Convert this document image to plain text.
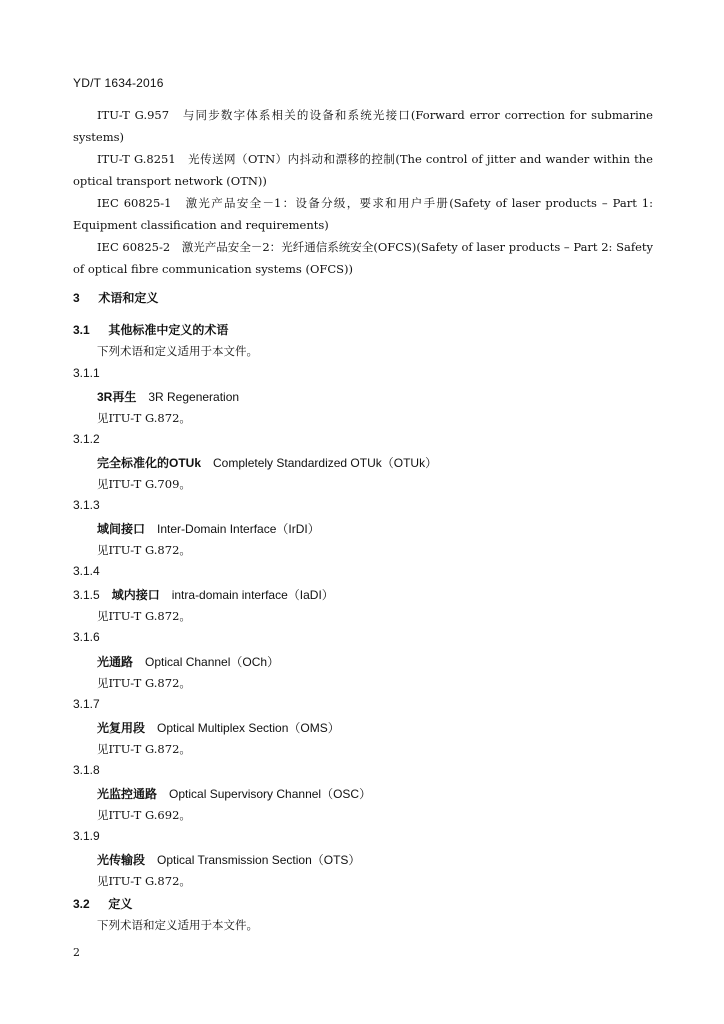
YD/T 1634-2016

ITU-T G.957　与同步数字体系相关的设备和系统光接口(Forward error correction for submarine systems)

ITU-T G.8251　光传送网（OTN）内抖动和漂移的控制(The control of jitter and wander within the optical transport network (OTN))

IEC 60825-1　激光产品安全－1：设备分级，要求和用户手册(Safety of laser products – Part 1: Equipment classification and requirements)

IEC 60825-2　激光产品安全－2：光纤通信系统安全(OFCS)(Safety of laser products – Part 2: Safety of optical fibre communication systems (OFCS))

3 术语和定义
3.1 其他标准中定义的术语
下列术语和定义适用于本文件。
3.1.1
3R再生 3R Regeneration
见ITU-T G.872。
3.1.2
完全标准化的OTUk Completely Standardized OTUk（OTUk）
见ITU-T G.709。
3.1.3
域间接口 Inter-Domain Interface（IrDI）
见ITU-T G.872。
3.1.4
3.1.5 域内接口 intra-domain interface（IaDI）
见ITU-T G.872。
3.1.6
光通路 Optical Channel（OCh）
见ITU-T G.872。
3.1.7
光复用段 Optical Multiplex Section（OMS）
见ITU-T G.872。
3.1.8
光监控通路 Optical Supervisory Channel（OSC）
见ITU-T G.692。
3.1.9
光传输段 Optical Transmission Section（OTS）
见ITU-T G.872。
3.2 定义
下列术语和定义适用于本文件。
2
